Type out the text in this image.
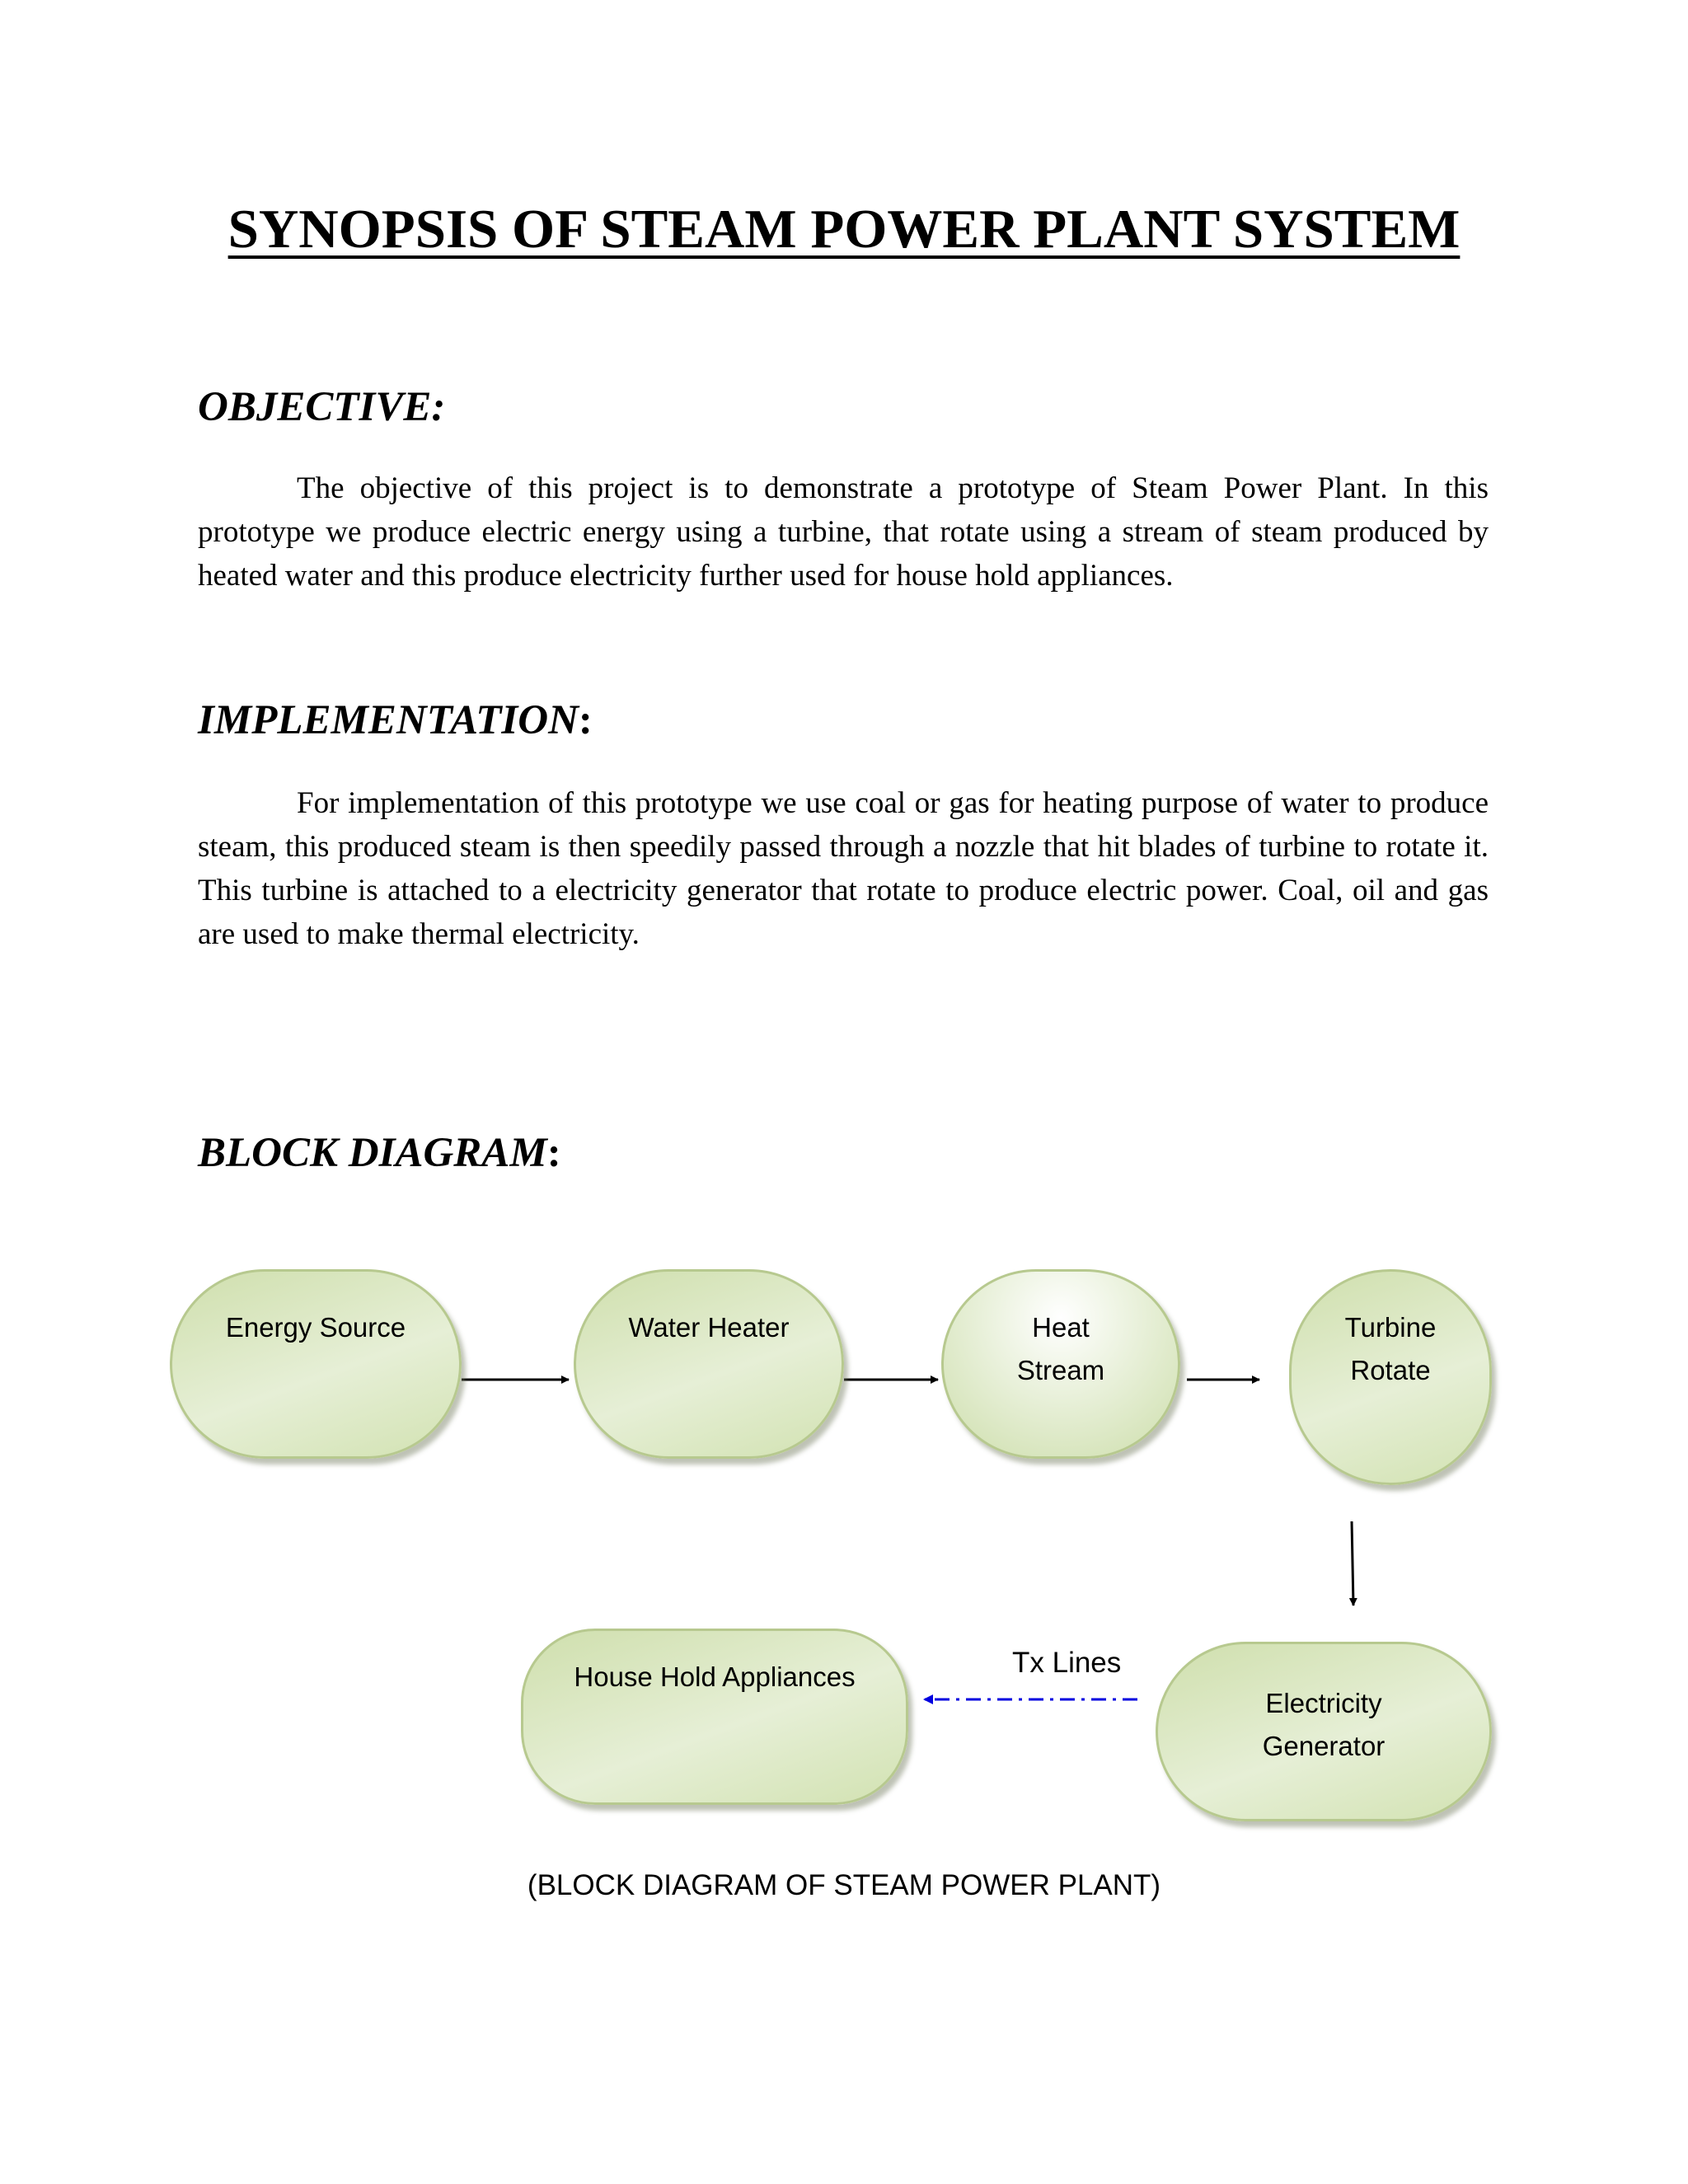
SYNOPSIS OF STEAM POWER PLANT SYSTEM
OBJECTIVE:

The objective of this project is to demonstrate a prototype of Steam Power Plant. In this prototype we produce electric energy using a turbine, that rotate using a stream of steam produced by heated water and this produce electricity further used for house hold appliances.

IMPLEMENTATION:

For implementation of this prototype we use coal or gas for heating purpose of water to produce steam, this produced steam is then speedily passed through a nozzle that hit blades of turbine to rotate it. This turbine is attached to a electricity generator that rotate to produce electric power. Coal, oil and gas are used to make thermal electricity.

BLOCK DIAGRAM:
Energy Source	Water Heater	Heat
Stream
Turbine
Rotate
Electricity
Generator
House Hold Appliances	Tx Lines

(BLOCK DIAGRAM OF STEAM POWER PLANT)
